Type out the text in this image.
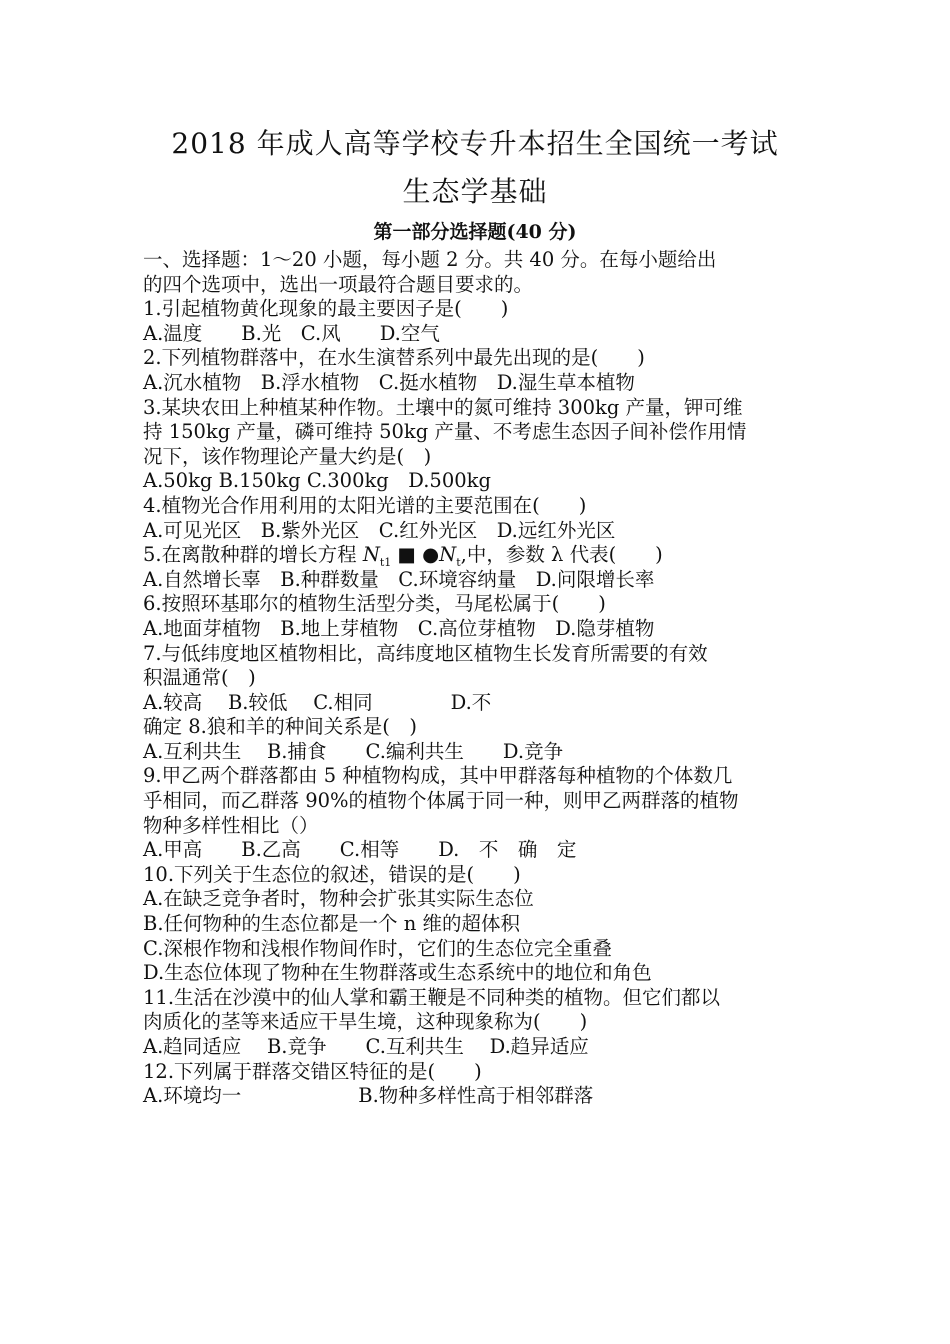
2018 年成人高等学校专升本招生全国统一考试
生态学基础
第一部分选择题(40 分)
一、选择题：1～20 小题，每小题 2 分。共 40 分。在每小题给出
的四个选项中，选出一项最符合题目要求的。
1.引起植物黄化现象的最主要因子是(　　)
A.温度　　B.光　C.风　　D.空气
2.下列植物群落中，在水生演替系列中最先出现的是(　　)
A.沉水植物　B.浮水植物　C.挺水植物　D.湿生草本植物
3.某块农田上种植某种作物。土壤中的氮可维持 300kg 产量，钾可维
持 150kg 产量，磷可维持 50kg 产量、不考虑生态因子间补偿作用情
况下，该作物理论产量大约是(　)
A.50kg B.150kg C.300kg　D.500kg
4.植物光合作用利用的太阳光谱的主要范围在(　　)
A.可见光区　B.紫外光区　C.红外光区　D.远红外光区
5.在离散种群的增长方程 $N_{t1}$ ■ $●N_t$,中，参数 λ 代表(　　)
A.自然增长辜　B.种群数量　C.环境容纳量　D.问限增长率
6.按照环基耶尔的植物生活型分类，马尾松属于(　　)
A.地面芽植物　B.地上芽植物　C.高位芽植物　D.隐芽植物
7.与低纬度地区植物相比，高纬度地区植物生长发育所需要的有效
积温通常(　)
A.较高　 B.较低　 C.相同　　　　D.不
确定 8.狼和羊的种间关系是(　)
A.互利共生　 B.捕食　　C.编利共生　　D.竞争
9.甲乙两个群落都由 5 种植物构成，其中甲群落每种植物的个体数几
乎相同，而乙群落 90%的植物个体属于同一种，则甲乙两群落的植物
物种多样性相比（）
A.甲高　　B.乙高　　C.相等　　D.　不　确　定
10.下列关于生态位的叙述，错误的是(　　)
A.在缺乏竞争者时，物种会扩张其实际生态位
B.任何物种的生态位都是一个 n 维的超体积
C.深根作物和浅根作物间作时，它们的生态位完全重叠
D.生态位体现了物种在生物群落或生态系统中的地位和角色
11.生活在沙漠中的仙人掌和霸王鞭是不同种类的植物。但它们都以
肉质化的茎等来适应干旱生境，这种现象称为(　　)
A.趋同适应　 B.竞争　　C.互利共生　 D.趋异适应
12.下列属于群落交错区特征的是(　　)
A.环境均一　　　　　　B.物种多样性高于相邻群落
